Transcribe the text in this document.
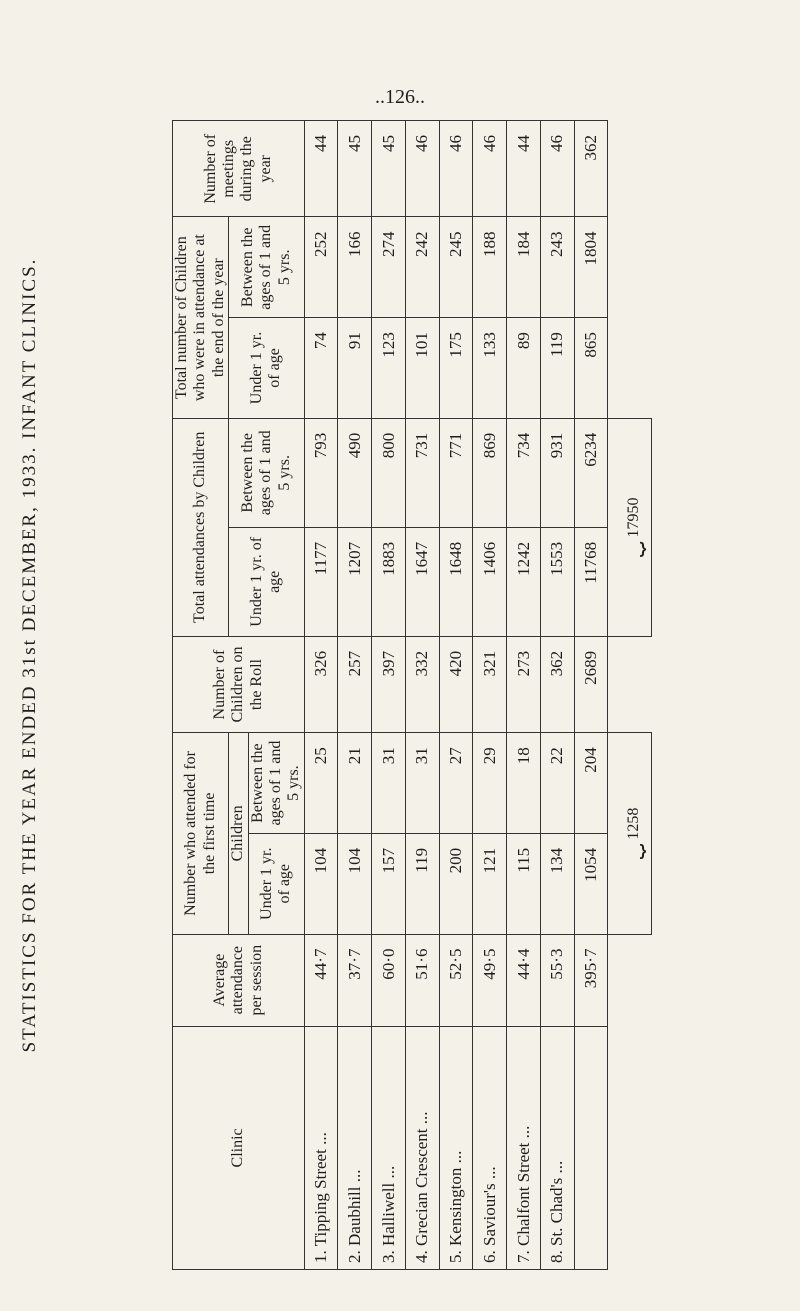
..126..
STATISTICS FOR THE YEAR ENDED 31st DECEMBER, 1933. INFANT CLINICS.
Clinic	Average attendance per session	Number who attended for the first time		Number of Children on the Roll	Total attendances by Children		Total number of Children who were in attendance at the end of the year		Number of meetings during the year
		Children			Under 1 yr. of age	Between the ages of 1 and 5 yrs.	Under 1 yr. of age	Between the ages of 1 and 5 yrs.	
		Under 1 yr. of age	Between the ages of 1 and 5 yrs.						
1. Tipping Street ...	44·7	104	25	326	1177	793	74	252	44
2. Daubhill ...	37·7	104	21	257	1207	490	91	166	45
3. Halliwell ...	60·0	157	31	397	1883	800	123	274	45
4. Grecian Crescent ...	51·6	119	31	332	1647	731	101	242	46
5. Kensington ...	52·5	200	27	420	1648	771	175	245	46
6. Saviour's ...	49·5	121	29	321	1406	869	133	188	46
7. Chalfont Street ...	44·4	115	18	273	1242	734	89	184	44
8. St. Chad's ...	55·3	134	22	362	1553	931	119	243	46
	395·7	1054	204	2689	11768	6234	865	1804	362
		⏟ 1258			⏟ 17950				
